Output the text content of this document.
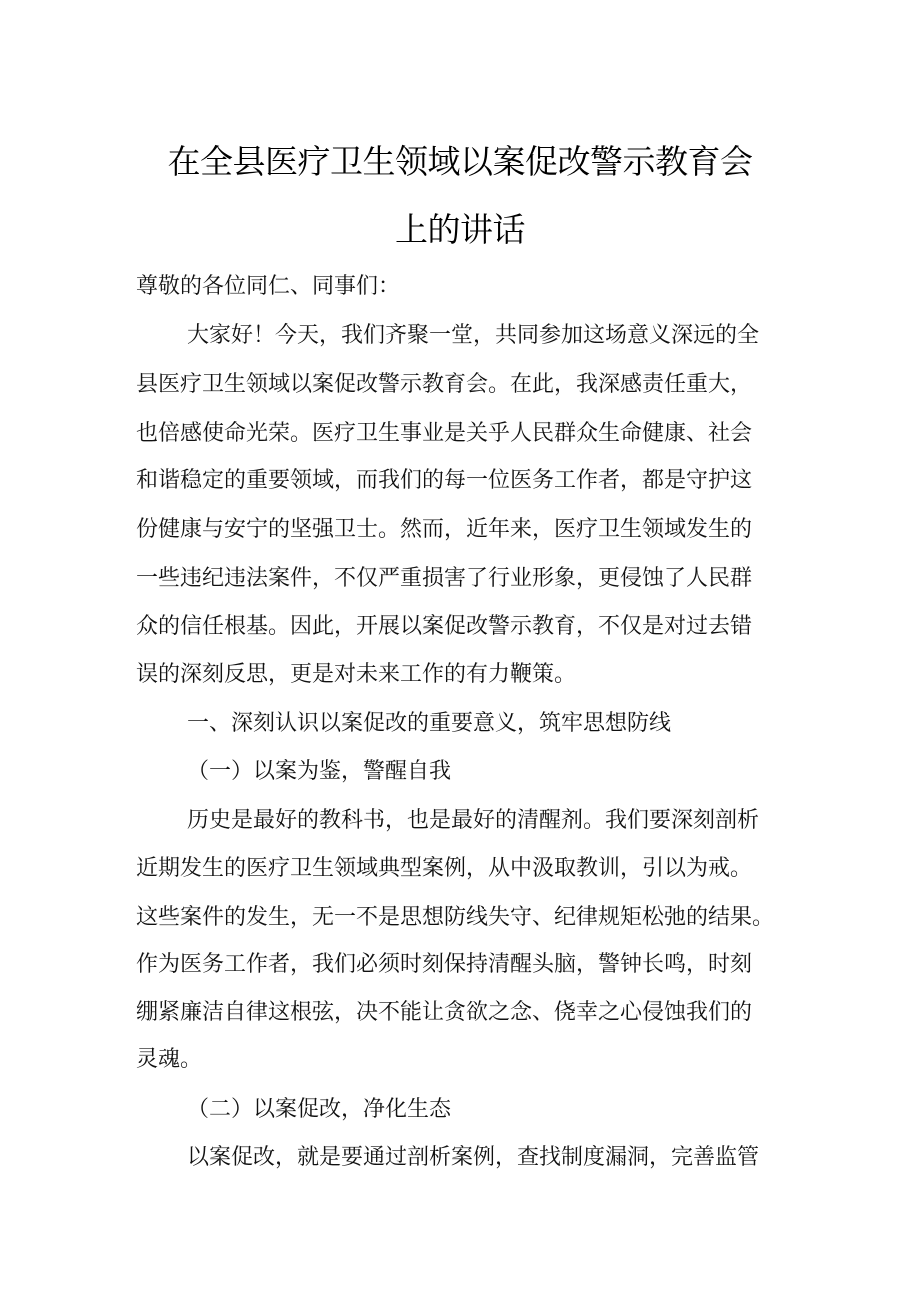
在全县医疗卫生领域以案促改警示教育会
上的讲话
尊敬的各位同仁、同事们：
大家好！今天，我们齐聚一堂，共同参加这场意义深远的全
县医疗卫生领域以案促改警示教育会。在此，我深感责任重大，
也倍感使命光荣。医疗卫生事业是关乎人民群众生命健康、社会
和谐稳定的重要领域，而我们的每一位医务工作者，都是守护这
份健康与安宁的坚强卫士。然而，近年来，医疗卫生领域发生的
一些违纪违法案件，不仅严重损害了行业形象，更侵蚀了人民群
众的信任根基。因此，开展以案促改警示教育，不仅是对过去错
误的深刻反思，更是对未来工作的有力鞭策。
一、深刻认识以案促改的重要意义，筑牢思想防线
（一）以案为鉴，警醒自我
历史是最好的教科书，也是最好的清醒剂。我们要深刻剖析
近期发生的医疗卫生领域典型案例，从中汲取教训，引以为戒。
这些案件的发生，无一不是思想防线失守、纪律规矩松弛的结果。
作为医务工作者，我们必须时刻保持清醒头脑，警钟长鸣，时刻
绷紧廉洁自律这根弦，决不能让贪欲之念、侥幸之心侵蚀我们的
灵魂。
（二）以案促改，净化生态
以案促改，就是要通过剖析案例，查找制度漏洞，完善监管
